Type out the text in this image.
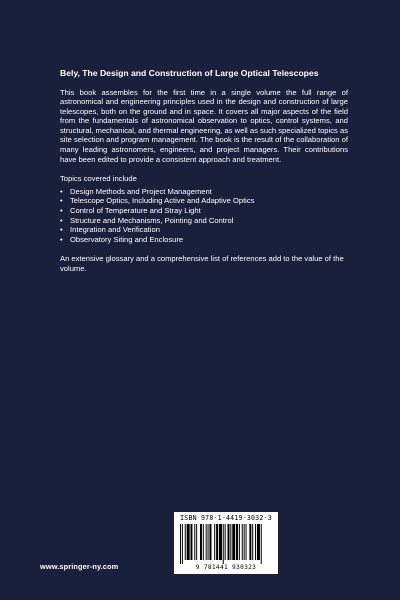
Bely, The Design and Construction of Large Optical Telescopes

This book assembles for the first time in a single volume the full range of astronomical and engineering principles used in the design and construction of large telescopes, both on the ground and in space. It covers all major aspects of the field from the fundamentals of astronomical observation to optics, control systems, and structural, mechanical, and thermal engineering, as well as such specialized topics as site selection and program management. The book is the result of the collaboration of many leading astronomers, engineers, and project managers. Their contributions have been edited to provide a consistent approach and treatment.

Topics covered include
• Design Methods and Project Management
• Telescope Optics, Including Active and Adaptive Optics
• Control of Temperature and Stray Light
• Structure and Mechanisms, Pointing and Control
• Integration and Verification
• Observatory Siting and Enclosure

An extensive glossary and a comprehensive list of references add to the value of the volume.

www.springer-ny.com
ISBN 978-1-4419-3032-3
9 781441 930323
